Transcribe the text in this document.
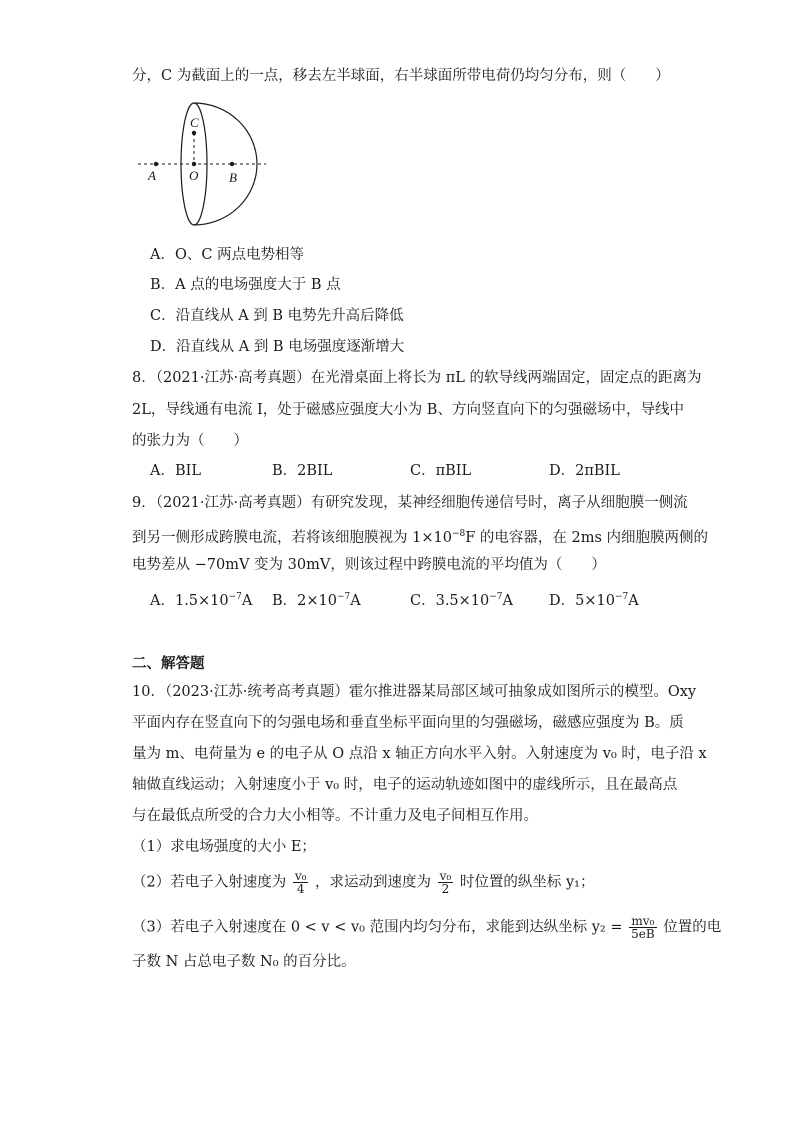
分，C 为截面上的一点，移去左半球面，右半球面所带电荷仍均匀分布，则（　　）
A	O B
C
A．O、C 两点电势相等
B．A 点的电场强度大于 B 点
C．沿直线从 A 到 B 电势先升高后降低
D．沿直线从 A 到 B 电场强度逐渐增大
8．（2021·江苏·高考真题）在光滑桌面上将长为 πL 的软导线两端固定，固定点的距离为
2L，导线通有电流 I，处于磁感应强度大小为 B、方向竖直向下的匀强磁场中，导线中
的张力为（　　）
A．BIL	B．2BIL	C．πBIL	D．2πBIL
9．（2021·江苏·高考真题）有研究发现，某神经细胞传递信号时，离子从细胞膜一侧流
到另一侧形成跨膜电流，若将该细胞膜视为 $1\times 10^{-8}F$ 的电容器，在 2ms 内细胞膜两侧的
电势差从 −70mV 变为 30mV，则该过程中跨膜电流的平均值为（　　）
A．$1.5\times 10^{-7}A$ B．$2\times 10^{-7}A$	C．$3.5\times 10^{-7}A$ D．$5\times 10^{-7}A$
二、解答题
10．（2023·江苏·统考高考真题）霍尔推进器某局部区域可抽象成如图所示的模型。Oxy
平面内存在竖直向下的匀强电场和垂直坐标平面向里的匀强磁场，磁感应强度为 B。质
量为 m、电荷量为 e 的电子从 O 点沿 x 轴正方向水平入射。入射速度为 v₀ 时，电子沿 x
轴做直线运动；入射速度小于 v₀ 时，电子的运动轨迹如图中的虚线所示，且在最高点
与在最低点所受的合力大小相等。不计重力及电子间相互作用。
（1）求电场强度的大小 E；
（2）若电子入射速度为 $\frac{\text{v₀}}{4}$ ，求运动到速度为 $\frac{\text{v₀}}{2}$ 时位置的纵坐标 y₁；
（3）若电子入射速度在 0 < v < v₀ 范围内均匀分布，求能到达纵坐标 $y_2 = \frac{\text{mv₀}}{5eB}$ 位置的电
子数 N 占总电子数 N₀ 的百分比。
